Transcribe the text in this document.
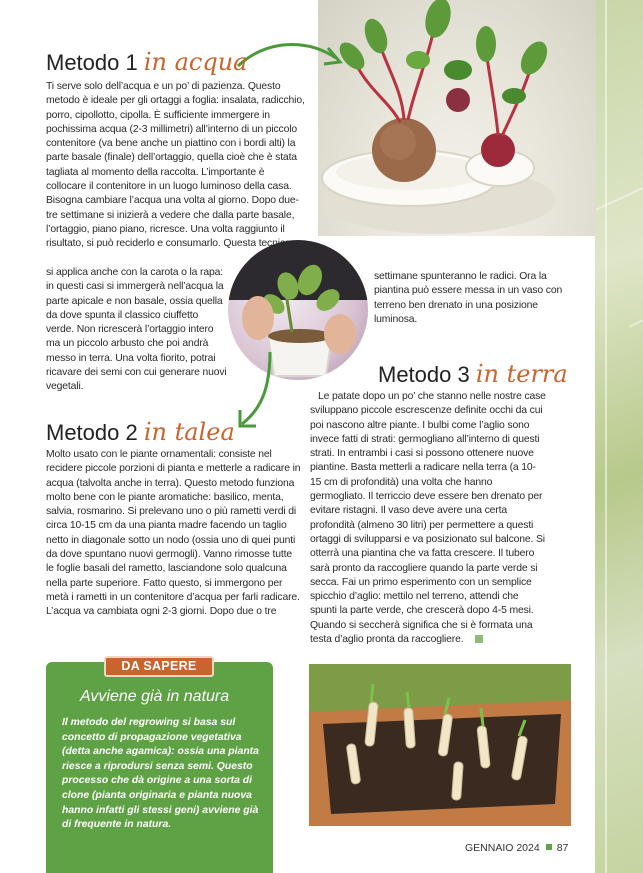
Metodo 1 in acqua
Ti serve solo dell’acqua e un po’ di pazienza. Questo metodo è ideale per gli ortaggi a foglia: insalata, radicchio, porro, cipollotto, cipolla. È sufficiente immergere in pochissima acqua (2-3 millimetri) all’interno di un piccolo contenitore (va bene anche un piattino con i bordi alti) la parte basale (finale) dell’ortaggio, quella cioè che è stata tagliata al momento della raccolta. L’importante è collocare il contenitore in un luogo luminoso della casa. Bisogna cambiare l’acqua una volta al giorno. Dopo due- tre settimane si inizierà a vedere che dalla parte basale, l’ortaggio, piano piano, ricresce. Una volta raggiunto il risultato, si può reciderlo e consumarlo. Questa tecnica
si applica anche con la carota o la rapa: in questi casi si immergerà nell’acqua la parte apicale e non basale, ossia quella da dove spunta il classico ciuffetto verde. Non ricrescerà l’ortaggio intero ma un piccolo arbusto che poi andrà messo in terra. Una volta fiorito, potrai ricavare dei semi con cui generare nuovi vegetali.
settimane spunteranno le radici. Ora la piantina può essere messa in un vaso con terreno ben drenato in una posizione luminosa.
Metodo 3 in terra
Le patate dopo un po’ che stanno nelle nostre case sviluppano piccole escrescenze definite occhi da cui poi nascono altre piante. I bulbi come l’aglio sono invece fatti di strati: germogliano all’interno di questi strati. In entrambi i casi si possono ottenere nuove piantine. Basta metterli a radicare nella terra (a 10-15 cm di profondità) una volta che hanno germogliato. Il terriccio deve essere ben drenato per evitare ristagni. Il vaso deve avere una certa profondità (almeno 30 litri) per permettere a questi ortaggi di svilupparsi e va posizionato sul balcone. Si otterrà una piantina che va fatta crescere. Il tubero sarà pronto da raccogliere quando la parte verde si secca. Fai un primo esperimento con un semplice spicchio d’aglio: mettilo nel terreno, attendi che spunti la parte verde, che crescerà dopo 4-5 mesi. Quando si seccherà significa che si è formata una testa d’aglio pronta da raccogliere.
Metodo 2 in talea
Molto usato con le piante ornamentali: consiste nel recidere piccole porzioni di pianta e metterle a radicare in acqua (talvolta anche in terra). Questo metodo funziona molto bene con le piante aromatiche: basilico, menta, salvia, rosmarino. Si prelevano uno o più rametti verdi di circa 10-15 cm da una pianta madre facendo un taglio netto in diagonale sotto un nodo (ossia uno di quei punti da dove spuntano nuovi germogli). Vanno rimosse tutte le foglie basali del rametto, lasciandone solo qualcuna nella parte superiore. Fatto questo, si immergono per metà i rametti in un contenitore d’acqua per farli radicare. L’acqua va cambiata ogni 2-3 giorni. Dopo due o tre
DA SAPERE
Avviene già in natura
Il metodo del regrowing si basa sul concetto di propagazione vegetativa (detta anche agamica): ossia una pianta riesce a riprodursi senza semi. Questo processo che dà origine a una sorta di clone (pianta originaria e pianta nuova hanno infatti gli stessi geni) avviene già di frequente in natura.
GENNAIO 2024 87
